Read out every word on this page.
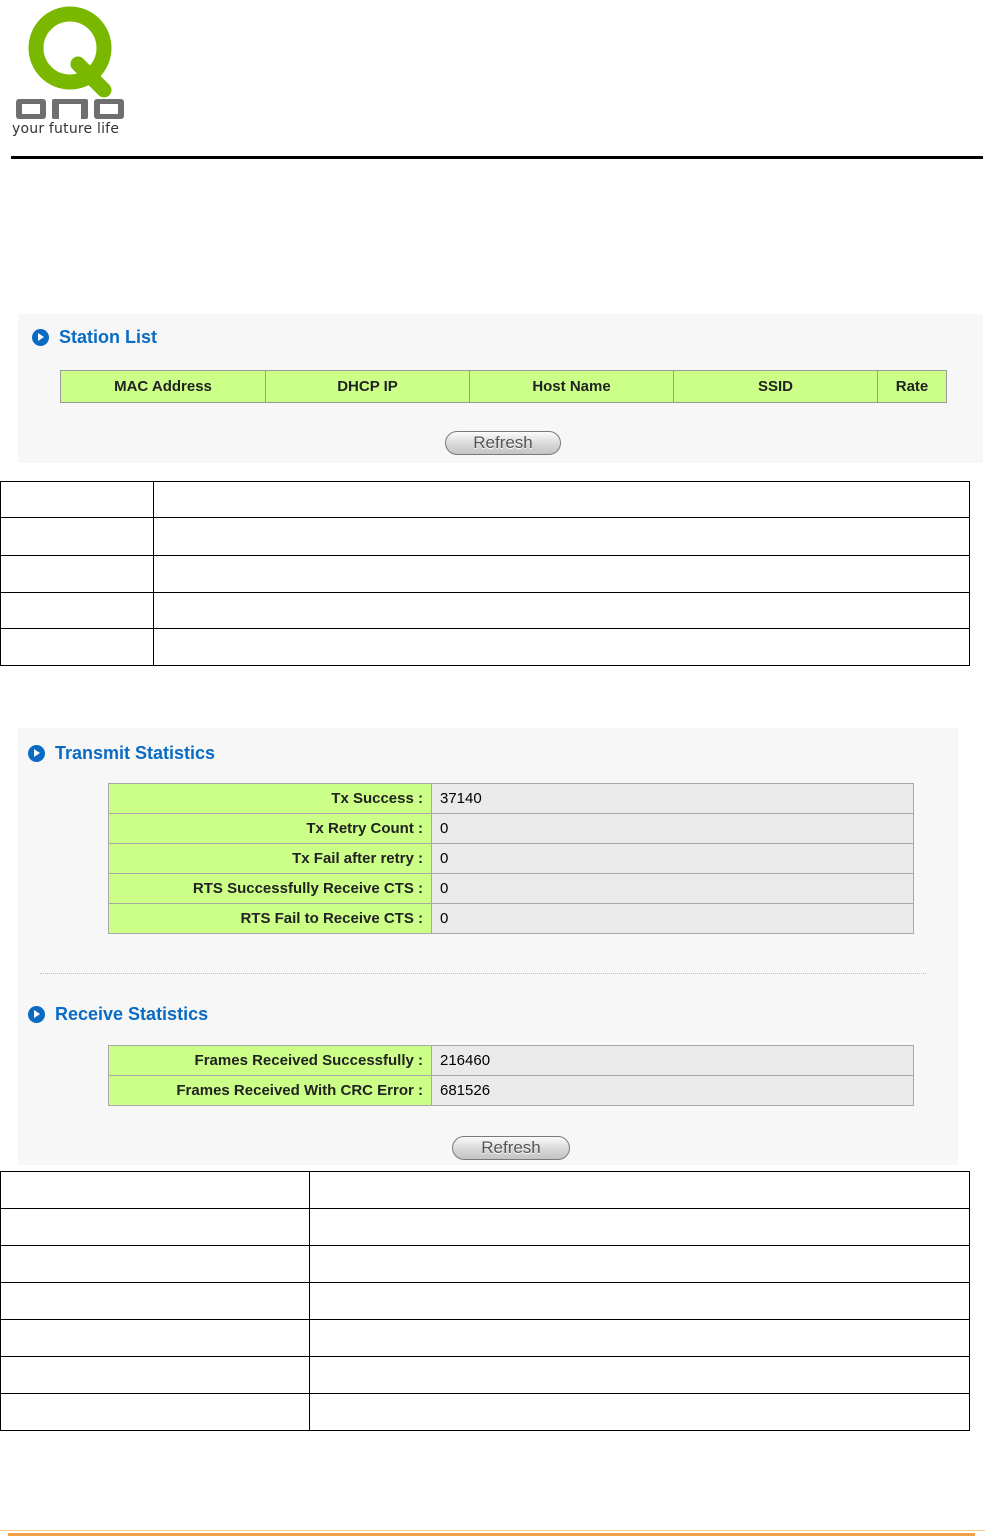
your future life
Station List
MAC Address	DHCP IP	Host Name	SSID	Rate
Refresh

Transmit Statistics
Tx Success :	37140
Tx Retry Count :	0
Tx Fail after retry :	0
RTS Successfully Receive CTS :	0
RTS Fail to Receive CTS :	0
Receive Statistics
Frames Received Successfully :	216460
Frames Received With CRC Error :	681526
Refresh
